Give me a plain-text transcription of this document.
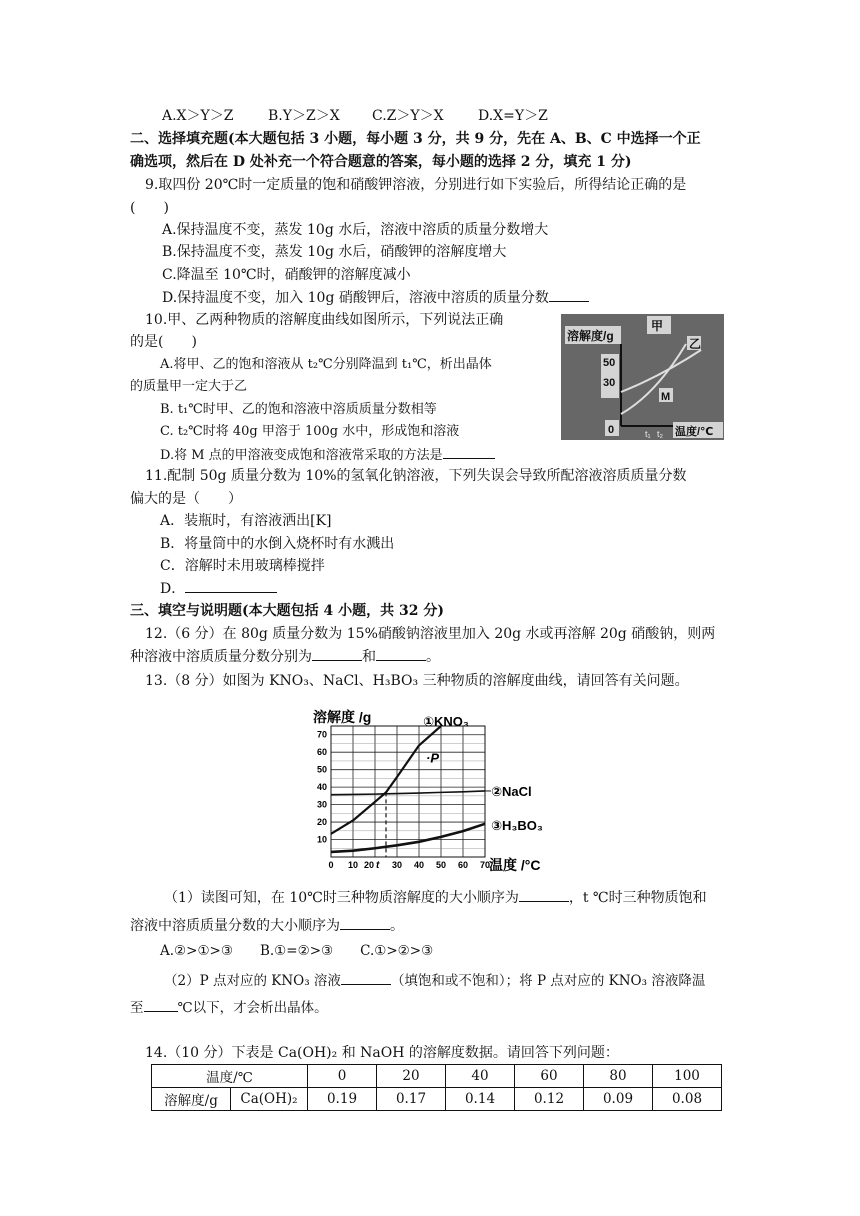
A.X＞Y＞Z B.Y＞Z＞X C.Z＞Y＞X D.X=Y＞Z
二、选择填充题(本大题包括 3 小题，每小题 3 分，共 9 分，先在 A、B、C 中选择一个正
确选项，然后在 D 处补充一个符合题意的答案，每小题的选择 2 分，填充 1 分)
9.取四份 20℃时一定质量的饱和硝酸钾溶液，分别进行如下实验后，所得结论正确的是
(　　)
A.保持温度不变，蒸发 10g 水后，溶液中溶质的质量分数增大
B.保持温度不变，蒸发 10g 水后，硝酸钾的溶解度增大
C.降温至 10℃时，硝酸钾的溶解度减小
D.保持温度不变，加入 10g 硝酸钾后，溶液中溶质的质量分数
10.甲、乙两种物质的溶解度曲线如图所示，下列说法正确
的是(　　)
A.将甲、乙的饱和溶液从 t₂℃分别降温到 t₁℃，析出晶体
的质量甲一定大于乙
B. t₁℃时甲、乙的饱和溶液中溶质质量分数相等
C. t₂℃时将 40g 甲溶于 100g 水中，形成饱和溶液
D.将 M 点的甲溶液变成饱和溶液常采取的方法是
溶解度/g
甲
乙
50
30
M
0	t₁ t₂ 温度/℃
11.配制 50g 质量分数为 10%的氢氧化钠溶液，下列失误会导致所配溶液溶质质量分数
偏大的是（　　）
A．装瓶时，有溶液洒出[K]
B．将量筒中的水倒入烧杯时有水溅出
C．溶解时未用玻璃棒搅拌
D．
三、填空与说明题(本大题包括 4 小题，共 32 分)
12.（6 分）在 80g 质量分数为 15%硝酸钠溶液里加入 20g 水或再溶解 20g 硝酸钠，则两
种溶液中溶质质量分数分别为	和	。
13.（8 分）如图为 KNO₃、NaCl、H₃BO₃ 三种物质的溶解度曲线，请回答有关问题。
10
20
30
40
50
60
70
0 10	30 40 50 60 70
20 t
①KNO₃
②NaCl
③H₃BO₃
·P
溶解度 /g
温度 /°C
（1）读图可知，在 10℃时三种物质溶解度的大小顺序为	，t ℃时三种物质饱和
溶液中溶质质量分数的大小顺序为	。
A.②>①>③　　B.①=②>③　　C.①>②>③
（2）P 点对应的 KNO₃ 溶液	（填饱和或不饱和）；将 P 点对应的 KNO₃ 溶液降温
至	℃以下，才会析出晶体。
14.（10 分）下表是 Ca(OH)₂ 和 NaOH 的溶解度数据。请回答下列问题：
温度/℃		0	20	40	60	80	100
溶解度/g	Ca(OH)₂	0.19	0.17	0.14	0.12	0.09	0.08
